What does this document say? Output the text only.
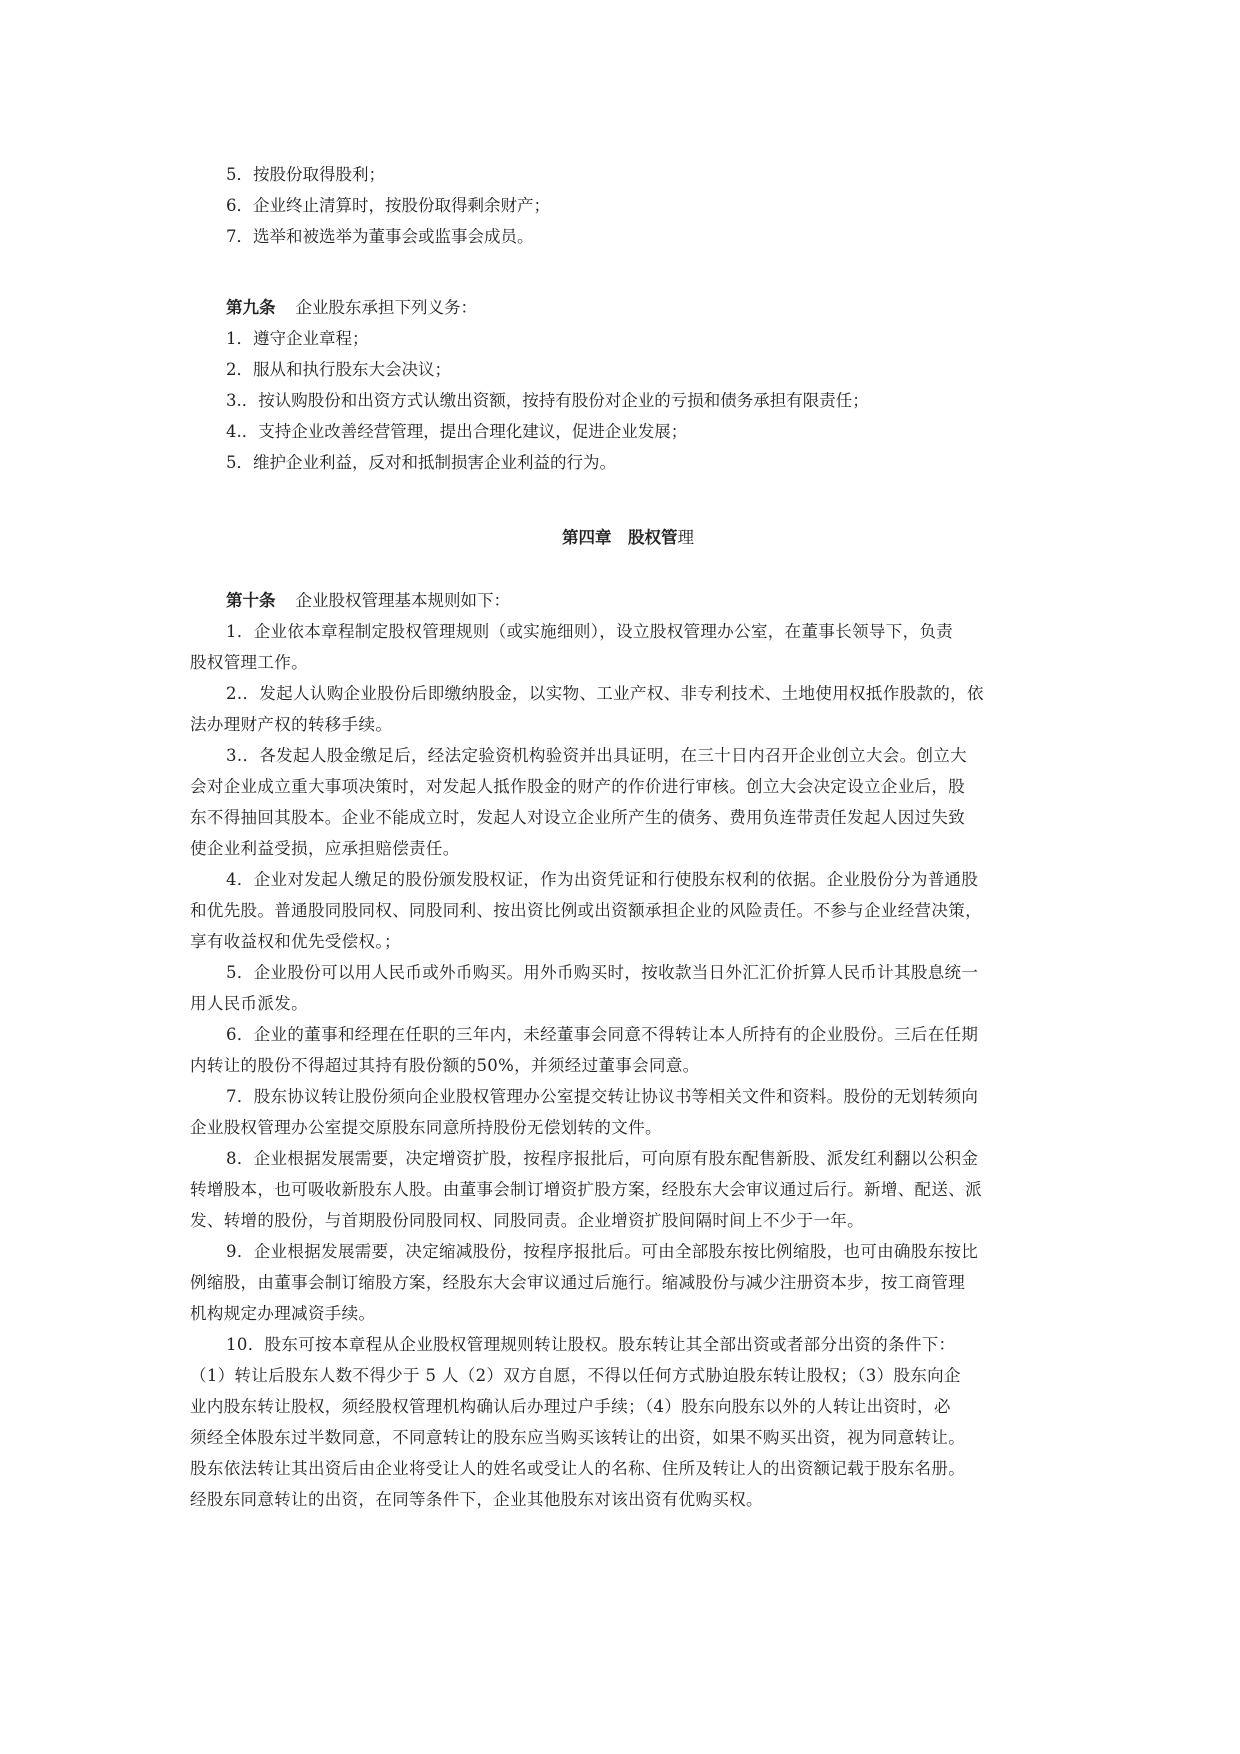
5．按股份取得股利；
6．企业终止清算时，按股份取得剩余财产；
7．选举和被选举为董事会或监事会成员。
第九条 企业股东承担下列义务：
1．遵守企业章程；
2．服从和执行股东大会决议；
3.．按认购股份和出资方式认缴出资额，按持有股份对企业的亏损和债务承担有限责任；
4.．支持企业改善经营管理，提出合理化建议，促进企业发展；
5．维护企业利益，反对和抵制损害企业利益的行为。
第四章　股权管理
第十条 企业股权管理基本规则如下：
1．企业依本章程制定股权管理规则（或实施细则），设立股权管理办公室，在董事长领导下，负责
股权管理工作。
2.．发起人认购企业股份后即缴纳股金，以实物、工业产权、非专利技术、土地使用权抵作股款的，依
法办理财产权的转移手续。
3.．各发起人股金缴足后，经法定验资机构验资并出具证明，在三十日内召开企业创立大会。创立大
会对企业成立重大事项决策时，对发起人抵作股金的财产的作价进行审核。创立大会决定设立企业后，股
东不得抽回其股本。企业不能成立时，发起人对设立企业所产生的债务、费用负连带责任发起人因过失致
使企业利益受损，应承担赔偿责任。
4．企业对发起人缴足的股份颁发股权证，作为出资凭证和行使股东权利的依据。企业股份分为普通股
和优先股。普通股同股同权、同股同利、按出资比例或出资额承担企业的风险责任。不参与企业经营决策，
享有收益权和优先受偿权。；
5．企业股份可以用人民币或外币购买。用外币购买时，按收款当日外汇汇价折算人民币计其股息统一
用人民币派发。
6．企业的董事和经理在任职的三年内，未经董事会同意不得转让本人所持有的企业股份。三后在任期
内转让的股份不得超过其持有股份额的50%，并须经过董事会同意。
7．股东协议转让股份须向企业股权管理办公室提交转让协议书等相关文件和资料。股份的无划转须向
企业股权管理办公室提交原股东同意所持股份无偿划转的文件。
8．企业根据发展需要，决定增资扩股，按程序报批后，可向原有股东配售新股、派发红利翻以公积金
转增股本，也可吸收新股东人股。由董事会制订增资扩股方案，经股东大会审议通过后行。新增、配送、派
发、转增的股份，与首期股份同股同权、同股同责。企业增资扩股间隔时间上不少于一年。
9．企业根据发展需要，决定缩减股份，按程序报批后。可由全部股东按比例缩股，也可由确股东按比
例缩股，由董事会制订缩股方案，经股东大会审议通过后施行。缩减股份与减少注册资本步，按工商管理
机构规定办理减资手续。
10．股东可按本章程从企业股权管理规则转让股权。股东转让其全部出资或者部分出资的条件下：
（1）转让后股东人数不得少于 5 人（2）双方自愿，不得以任何方式胁迫股东转让股权；（3）股东向企
业内股东转让股权，须经股权管理机构确认后办理过户手续；（4）股东向股东以外的人转让出资时，必
须经全体股东过半数同意，不同意转让的股东应当购买该转让的出资，如果不购买出资，视为同意转让。
股东依法转让其出资后由企业将受让人的姓名或受让人的名称、住所及转让人的出资额记载于股东名册。
经股东同意转让的出资，在同等条件下，企业其他股东对该出资有优购买权。
